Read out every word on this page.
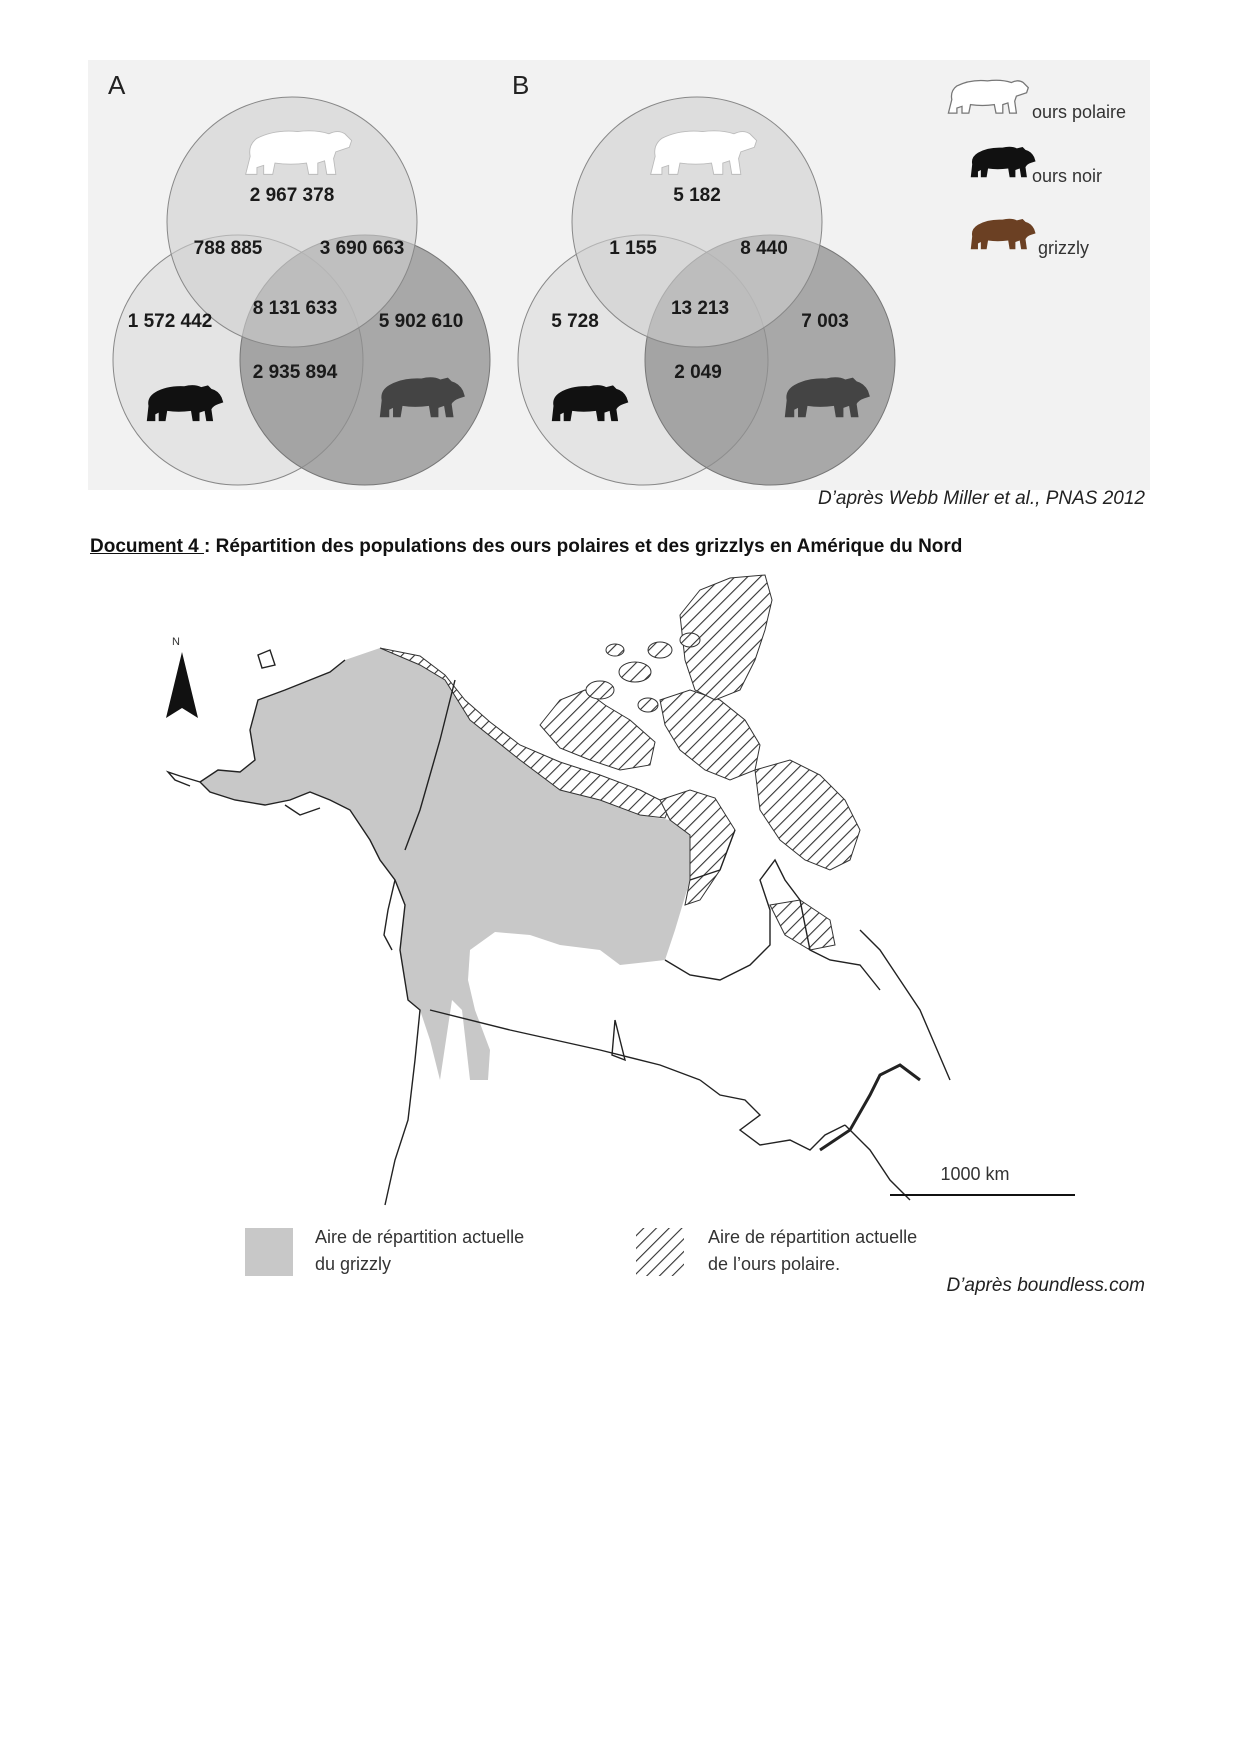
A
2 967 378
788 885	3 690 663
8 131 633
1 572 442	5 902 610
2 935 894
B
5 182
1 155	8 440
13 213
5 728	7 003
2 049
ours polaire
ours noir
grizzly
D’après Webb Miller et al., PNAS 2012
Document 4 : Répartition des populations des ours polaires et des grizzlys en Amérique du Nord
N
1000 km
Aire de répartition actuelle
du grizzly
Aire de répartition actuelle
de l’ours polaire.
D’après boundless.com
